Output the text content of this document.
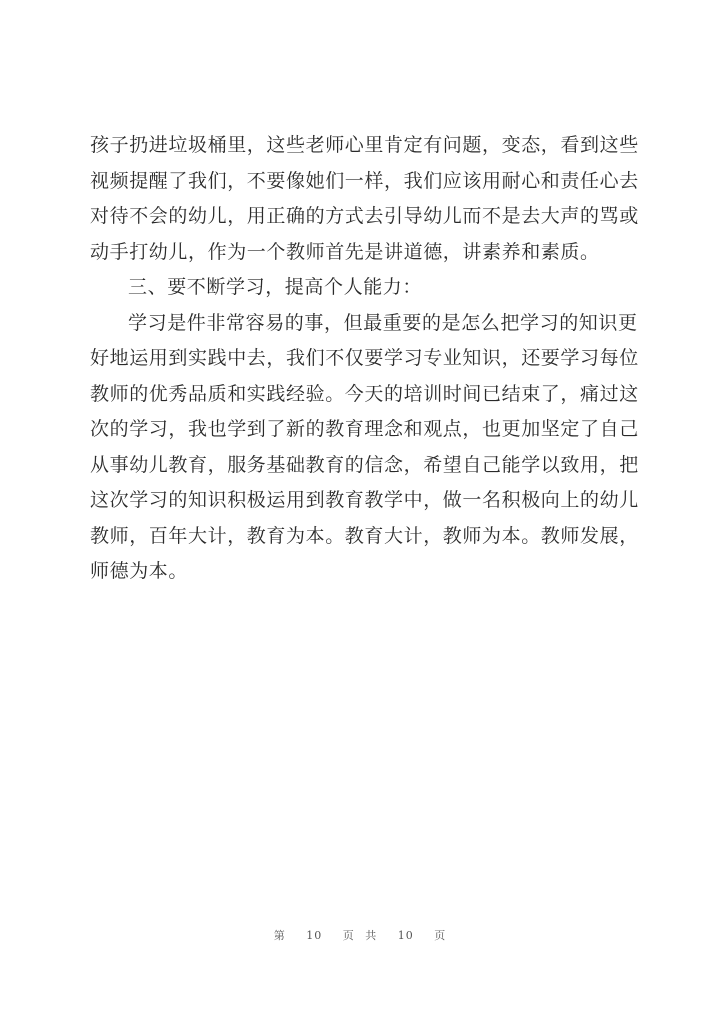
孩子扔进垃圾桶里，这些老师心里肯定有问题，变态，看到这些
视频提醒了我们，不要像她们一样，我们应该用耐心和责任心去
对待不会的幼儿，用正确的方式去引导幼儿而不是去大声的骂或
动手打幼儿，作为一个教师首先是讲道德，讲素养和素质。
三、要不断学习，提高个人能力：
学习是件非常容易的事，但最重要的是怎么把学习的知识更
好地运用到实践中去，我们不仅要学习专业知识，还要学习每位
教师的优秀品质和实践经验。今天的培训时间已结束了，痛过这
次的学习，我也学到了新的教育理念和观点，也更加坚定了自己
从事幼儿教育，服务基础教育的信念，希望自己能学以致用，把
这次学习的知识积极运用到教育教学中，做一名积极向上的幼儿
教师，百年大计，教育为本。教育大计，教师为本。教师发展，
师德为本。
第 10 页 共 10 页
